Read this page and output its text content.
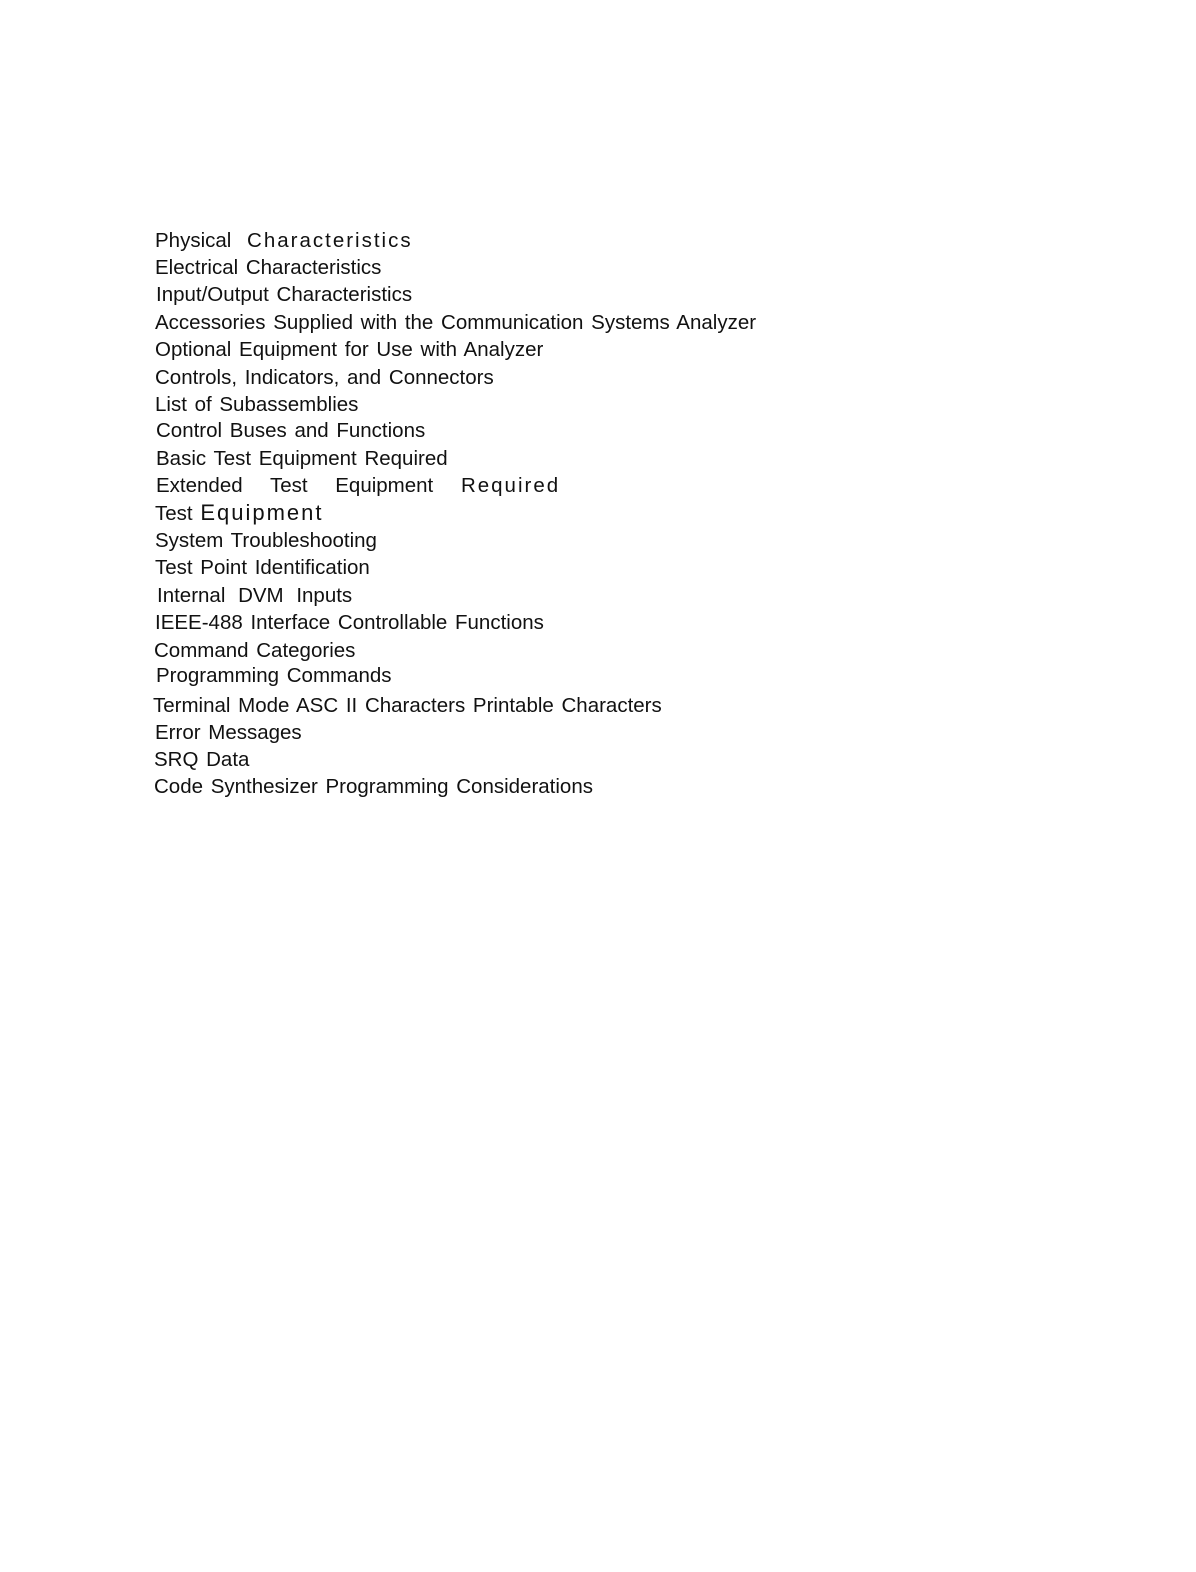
Physical Characteristics
Electrical Characteristics
Input/Output Characteristics
Accessories Supplied with the Communication Systems Analyzer
Optional Equipment for Use with Analyzer
Controls, Indicators, and Connectors
List of Subassemblies
Control Buses and Functions
Basic Test Equipment Required
Extended Test Equipment Required
Test Equipment
System Troubleshooting
Test Point Identification
Internal DVM Inputs
IEEE-488 Interface Controllable Functions
Command Categories
Programming Commands
Terminal Mode ASC II Characters Printable Characters
Error Messages
SRQ Data
Code Synthesizer Programming Considerations
